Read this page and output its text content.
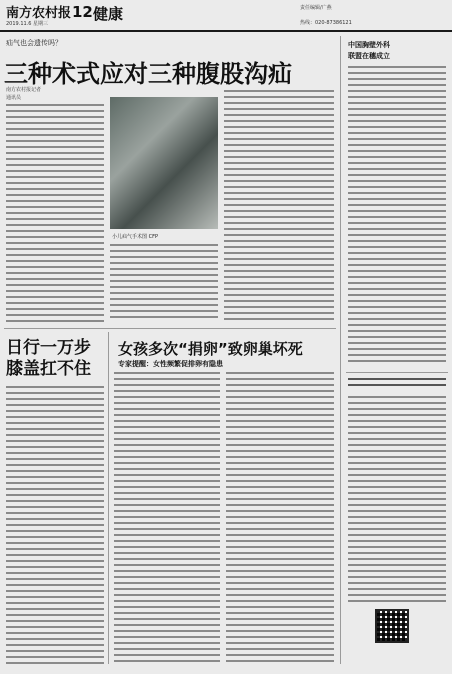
南方农村报
2019.11.6 星期三
12 健康	责任编辑/广燕
热线：020-87386121
疝气也会遗传吗？
三种术式应对三种腹股沟疝
南方农村报记者
通讯员
小儿疝气手术图 CFP
日行一万步
膝盖扛不住
女孩多次“捐卵”致卵巢坏死
专家提醒：女性频繁促排卵有隐患
中国胸壁外科
联盟在穗成立
